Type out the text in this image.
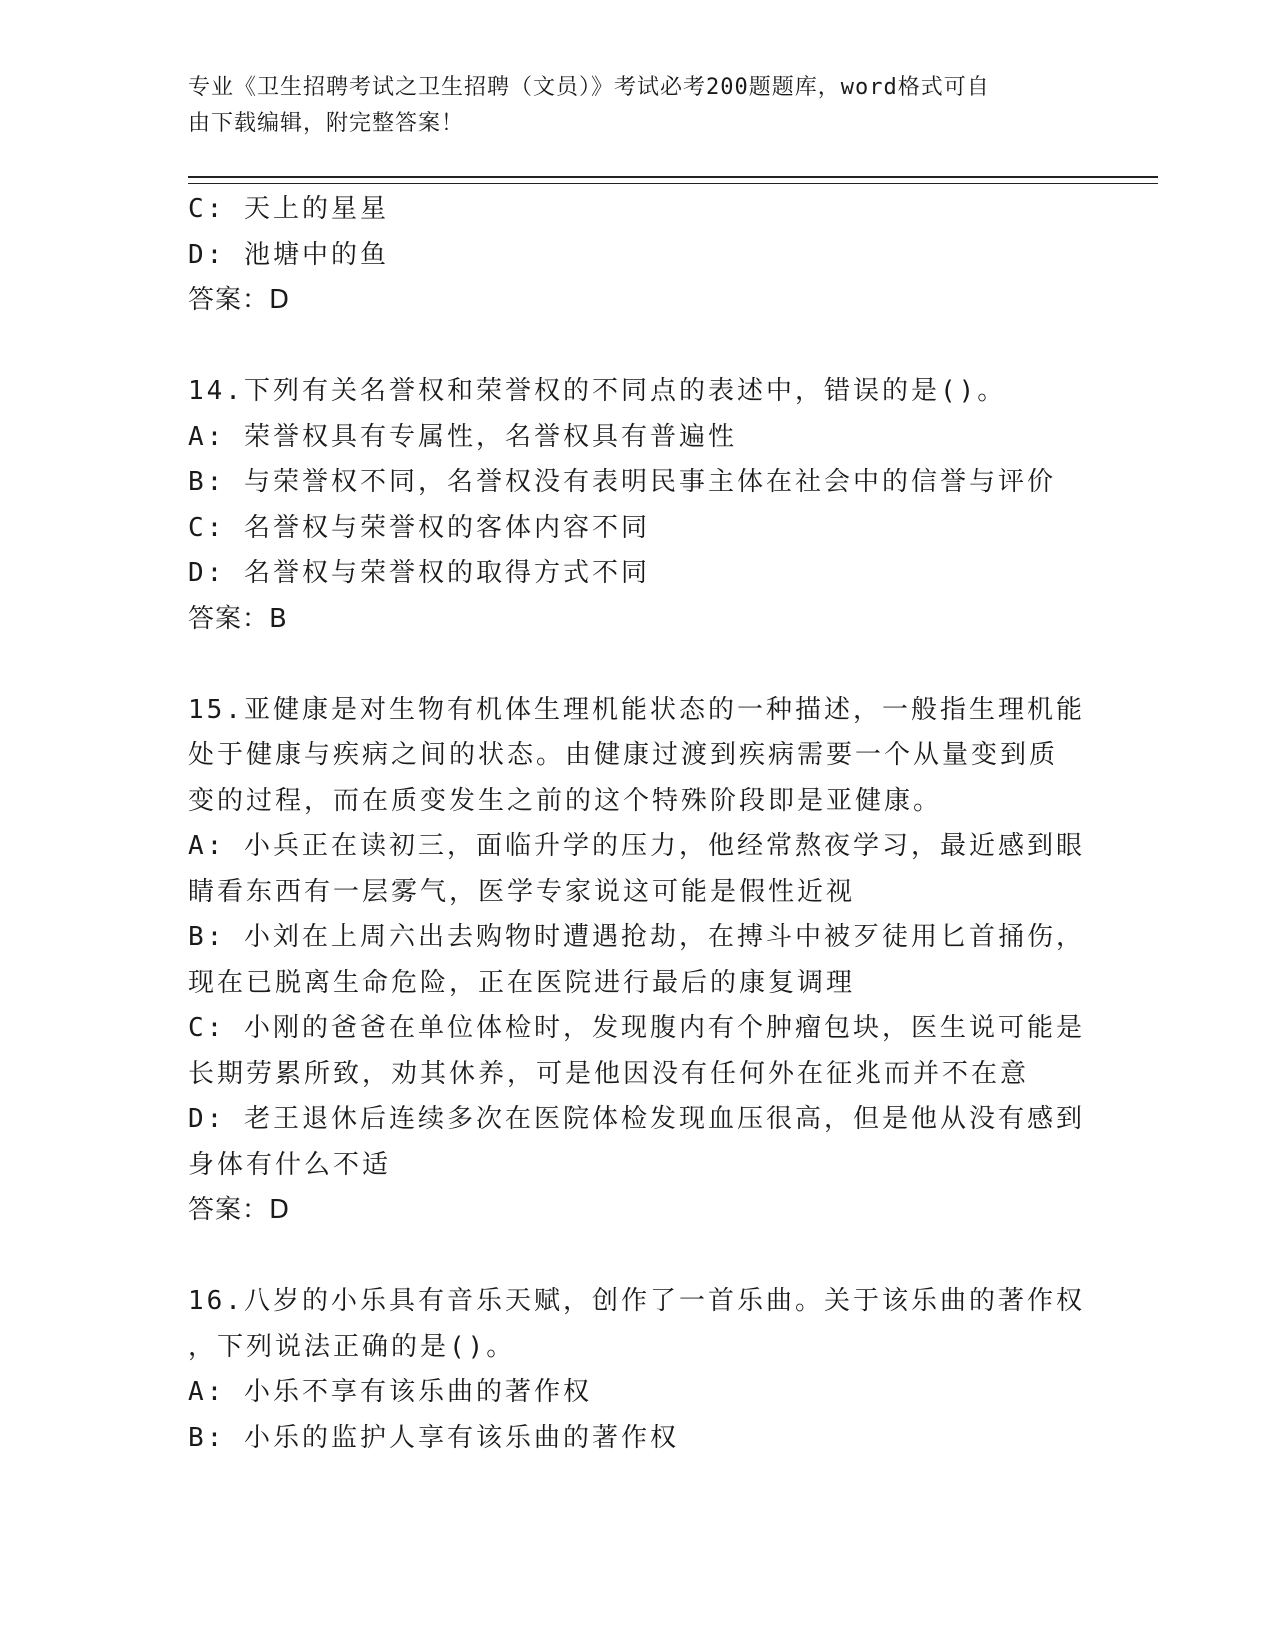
专业《卫生招聘考试之卫生招聘（文员）》考试必考200题题库，word格式可自
由下载编辑，附完整答案！
C: 天上的星星
D: 池塘中的鱼
答案：D
14.下列有关名誉权和荣誉权的不同点的表述中，错误的是()。
A: 荣誉权具有专属性，名誉权具有普遍性
B: 与荣誉权不同，名誉权没有表明民事主体在社会中的信誉与评价
C: 名誉权与荣誉权的客体内容不同
D: 名誉权与荣誉权的取得方式不同
答案：B
15.亚健康是对生物有机体生理机能状态的一种描述，一般指生理机能
处于健康与疾病之间的状态。由健康过渡到疾病需要一个从量变到质
变的过程，而在质变发生之前的这个特殊阶段即是亚健康。
A: 小兵正在读初三，面临升学的压力，他经常熬夜学习，最近感到眼
睛看东西有一层雾气，医学专家说这可能是假性近视
B: 小刘在上周六出去购物时遭遇抢劫，在搏斗中被歹徒用匕首捅伤，
现在已脱离生命危险，正在医院进行最后的康复调理
C: 小刚的爸爸在单位体检时，发现腹内有个肿瘤包块，医生说可能是
长期劳累所致，劝其休养，可是他因没有任何外在征兆而并不在意
D: 老王退休后连续多次在医院体检发现血压很高，但是他从没有感到
身体有什么不适
答案：D
16.八岁的小乐具有音乐天赋，创作了一首乐曲。关于该乐曲的著作权
，下列说法正确的是()。
A: 小乐不享有该乐曲的著作权
B: 小乐的监护人享有该乐曲的著作权
